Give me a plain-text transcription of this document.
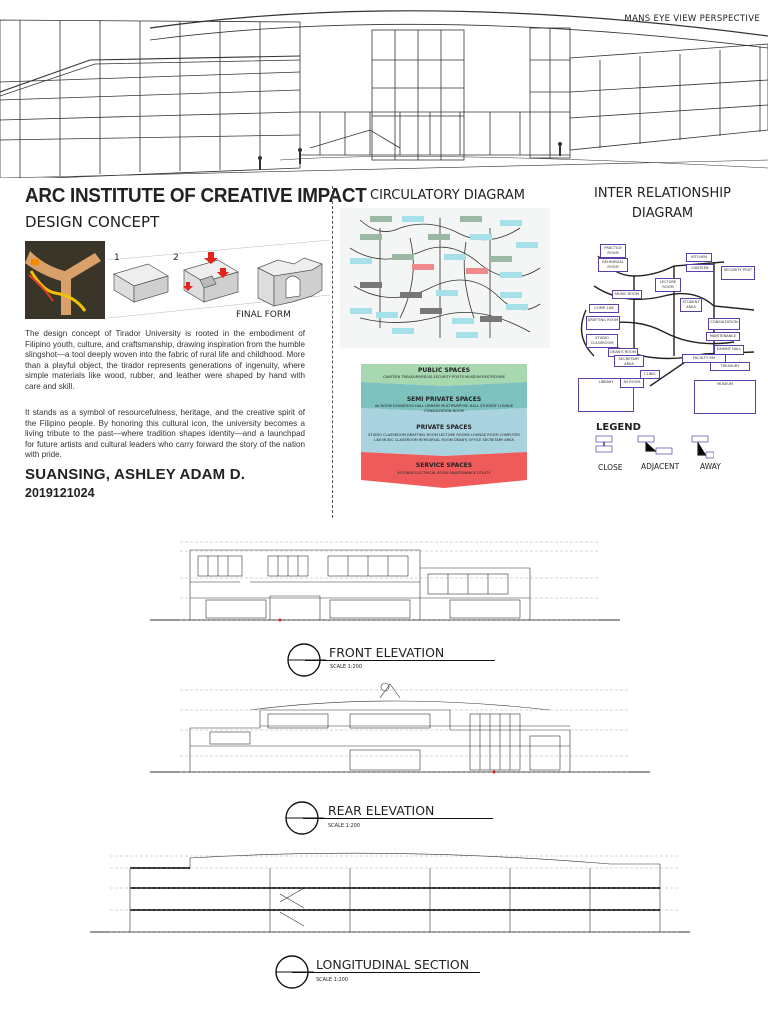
MANS EYE VIEW PERSPECTIVE
ARC INSTITUTE OF CREATIVE IMPACT
DESIGN CONCEPT
1	2
FINAL FORM

The design concept of Tirador University is rooted in the embodiment of Filipino youth, culture, and craftsmanship, drawing inspiration from the humble slingshot—a tool deeply woven into the fabric of rural life and childhood. More than a playful object, the tirador represents generations of ingenuity, where simple materials like wood, rubber, and leather were shaped by hand with care and skill.

It stands as a symbol of resourcefulness, heritage, and the creative spirit of the Filipino people. By honoring this cultural icon, the university becomes a living tribute to the past—where tradition shapes identity—and a launchpad for future artists and cultural leaders who carry forward the story of the nation with pride.

SUANSING, ASHLEY ADAM D.
2019121024
CIRCULATORY DIAGRAM
PUBLIC SPACES
CANTEEN TREASURY/REGIS SECURITY POSTS MUSEUM RESTROOMS
SEMI PRIVATE SPACES
AV ROOM EXHIBITION HALL LIBRARY MULTIPURPOSE HALL STUDENT LOUNGE CONSULTATION ROOM
PRIVATE SPACES
STUDIO CLASSROOM DRAFTING ROOM LECTURE ROOMS LOUNGE ROOM COMPUTER LAB MUSIC CLASSROOM REHEARSAL ROOM DEAN'S OFFICE SECRETARY AREA
SERVICE SPACES
KITCHEN ELECTRICAL ROOM MAINTENANCE UTILITY
INTER RELATIONSHIP DIAGRAM
PRACTICE ROOM
REHEARSAL ROOM
KITCHEN
CANTEEN
LECTURE ROOM
SECURITY POST
STUDENT AREA
COMP. LAB
DRAFTING ROOM
STUDIO CLASSROOM
DEAN'S ROOM
FACULTY RM
LIBRARY	MUSEUM
MUSIC ROOM
CONSULTATION
SECRETARY AREA
EXHIBIT HALL
TREASURY
MAINTENANCE
AV ROOM
CLINIC
LEGEND
CLOSE ADJACENT	AWAY
FRONT ELEVATION
SCALE 1:200
REAR ELEVATION
SCALE 1:200
LONGITUDINAL SECTION
SCALE 1:200
